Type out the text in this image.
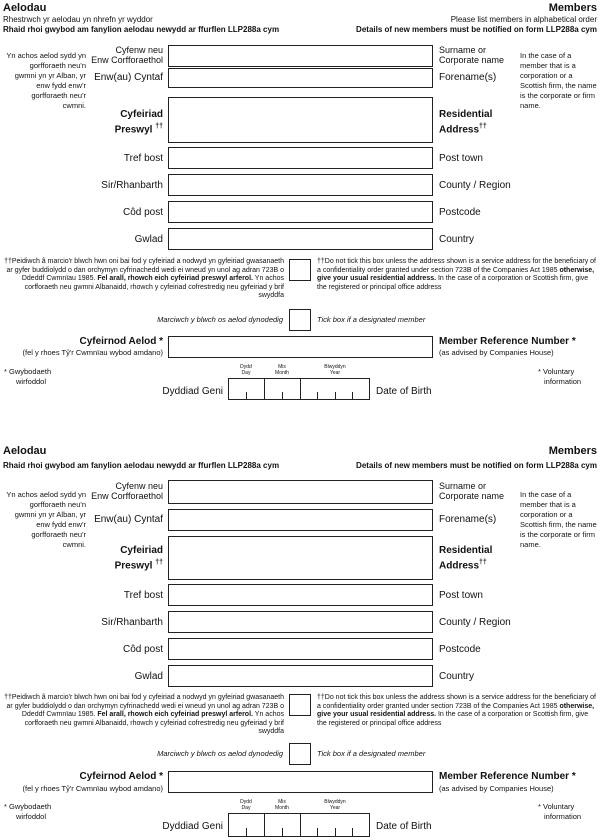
Aelodau
Rhestrwch yr aelodau yn nhrefn yr wyddor
Rhaid rhoi gwybod am fanylion aelodau newydd ar ffurflen LLP288a cym
Members
Please list members in alphabetical order
Details of new members must be notified on form LLP288a cym
Yn achos aelod sydd yn gorfforaeth neu'n gwmni yn yr Alban, yr enw fydd enw'r gorfforaeth neu'r cwmni.
In the case of a member that is a corporation or a Scottish firm, the name is the corporate or firm name.
Cyfenw neu
Enw Corfforaethol
Surname or
Corporate name
Enw(au) Cyntaf	Forename(s)
Cyfeiriad
Preswyl ††
Residential
Address††
Tref bost	Post town
Sir/Rhanbarth	County / Region
Côd post	Postcode
Gwlad	Country
††Peidiwch â marcio'r blwch hwn oni bai fod y cyfeiriad a nodwyd yn gyfeiriad gwasanaeth ar gyfer buddiolydd o dan orchymyn cyfrinachedd wedi ei wneud yn unol ag adran 723B o Ddeddf Cwmnïau 1985. Fel arall, rhowch eich cyfeiriad preswyl arferol. Yn achos corfforaeth neu gwmni Albanaidd, rhowch y cyfeiriad cofrestredig neu gyfeiriad y brif swyddfa
††Do not tick this box unless the address shown is a service address for the beneficiary of a confidentiality order granted under section 723B of the Companies Act 1985 otherwise, give your usual residential address. In the case of a corporation or Scottish firm, give the registered or principal office address
Marciwch y blwch os aelod dynodedig	Tick box if a designated member
Cyfeirnod Aelod *
(fel y rhoes Tŷ'r Cwmnïau wybod amdano)
Member Reference Number *
(as advised by Companies House)
* Gwybodaeth
wirfoddol
* Voluntary
information
Dyddiad Geni
Dydd
Day
Mis
Month
Blwyddyn
Year
Date of Birth
Aelodau
Rhaid rhoi gwybod am fanylion aelodau newydd ar ffurflen LLP288a cym
Members
Details of new members must be notified on form LLP288a cym
Yn achos aelod sydd yn gorfforaeth neu'n gwmni yn yr Alban, yr enw fydd enw'r gorfforaeth neu'r cwmni.
In the case of a member that is a corporation or a Scottish firm, the name is the corporate or firm name.
Cyfenw neu
Enw Corfforaethol
Surname or
Corporate name
Enw(au) Cyntaf	Forename(s)
Cyfeiriad
Preswyl ††
Residential
Address††
Tref bost	Post town
Sir/Rhanbarth	County / Region
Côd post	Postcode
Gwlad	Country
††Peidiwch â marcio'r blwch hwn oni bai fod y cyfeiriad a nodwyd yn gyfeiriad gwasanaeth ar gyfer buddiolydd o dan orchymyn cyfrinachedd wedi ei wneud yn unol ag adran 723B o Ddeddf Cwmnïau 1985. Fel arall, rhowch eich cyfeiriad preswyl arferol. Yn achos corfforaeth neu gwmni Albanaidd, rhowch y cyfeiriad cofrestredig neu gyfeiriad y brif swyddfa
††Do not tick this box unless the address shown is a service address for the beneficiary of a confidentiality order granted under section 723B of the Companies Act 1985 otherwise, give your usual residential address. In the case of a corporation or Scottish firm, give the registered or principal office address
Marciwch y blwch os aelod dynodedig	Tick box if a designated member
Cyfeirnod Aelod *
(fel y rhoes Tŷ'r Cwmnïau wybod amdano)
Member Reference Number *
(as advised by Companies House)
* Gwybodaeth
wirfoddol
* Voluntary
information
Dyddiad Geni
Dydd
Day
Mis
Month
Blwyddyn
Year
Date of Birth
